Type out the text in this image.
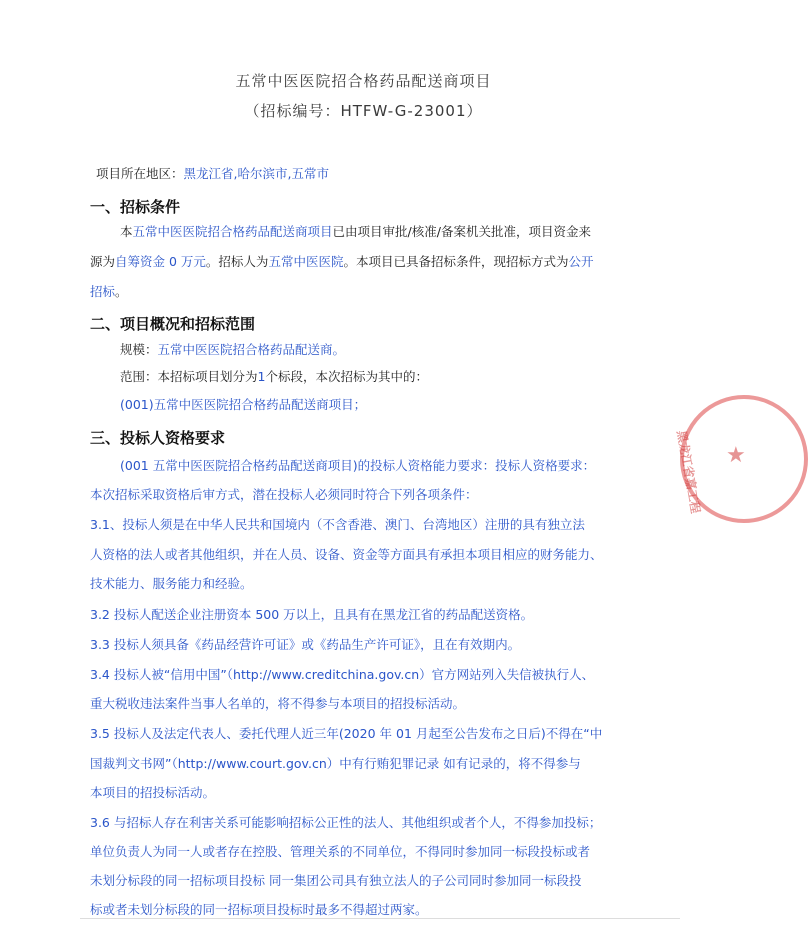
五常中医医院招合格药品配送商项目
（招标编号：HTFW-G-23001）
项目所在地区：黑龙江省,哈尔滨市,五常市
一、招标条件
本五常中医医院招合格药品配送商项目已由项目审批/核准/备案机关批准，项目资金来
源为自筹资金 0 万元。招标人为五常中医医院。本项目已具备招标条件，现招标方式为公开
招标。
二、项目概况和招标范围
规模：五常中医医院招合格药品配送商。
范围：本招标项目划分为1个标段，本次招标为其中的：
(001)五常中医医院招合格药品配送商项目；
三、投标人资格要求
(001 五常中医医院招合格药品配送商项目)的投标人资格能力要求：投标人资格要求：
本次招标采取资格后审方式，潜在投标人必须同时符合下列各项条件：
3.1、投标人须是在中华人民共和国境内（不含香港、澳门、台湾地区）注册的具有独立法
人资格的法人或者其他组织，并在人员、设备、资金等方面具有承担本项目相应的财务能力、
技术能力、服务能力和经验。
3.2 投标人配送企业注册资本 500 万以上，且具有在黑龙江省的药品配送资格。
3.3 投标人须具备《药品经营许可证》或《药品生产许可证》，且在有效期内。
3.4 投标人被“信用中国”（http://www.creditchina.gov.cn）官方网站列入失信被执行人、
重大税收违法案件当事人名单的，将不得参与本项目的招投标活动。
3.5 投标人及法定代表人、委托代理人近三年(2020 年 01 月起至公告发布之日后)不得在“中
国裁判文书网”（http://www.court.gov.cn）中有行贿犯罪记录 如有记录的，将不得参与
本项目的招投标活动。
3.6 与招标人存在利害关系可能影响招标公正性的法人、其他组织或者个人，不得参加投标；
单位负责人为同一人或者存在控股、管理关系的不同单位，不得同时参加同一标段投标或者
未划分标段的同一招标项目投标 同一集团公司具有独立法人的子公司同时参加同一标段投
标或者未划分标段的同一招标项目投标时最多不得超过两家。
★
黑龙江省嘉工程
